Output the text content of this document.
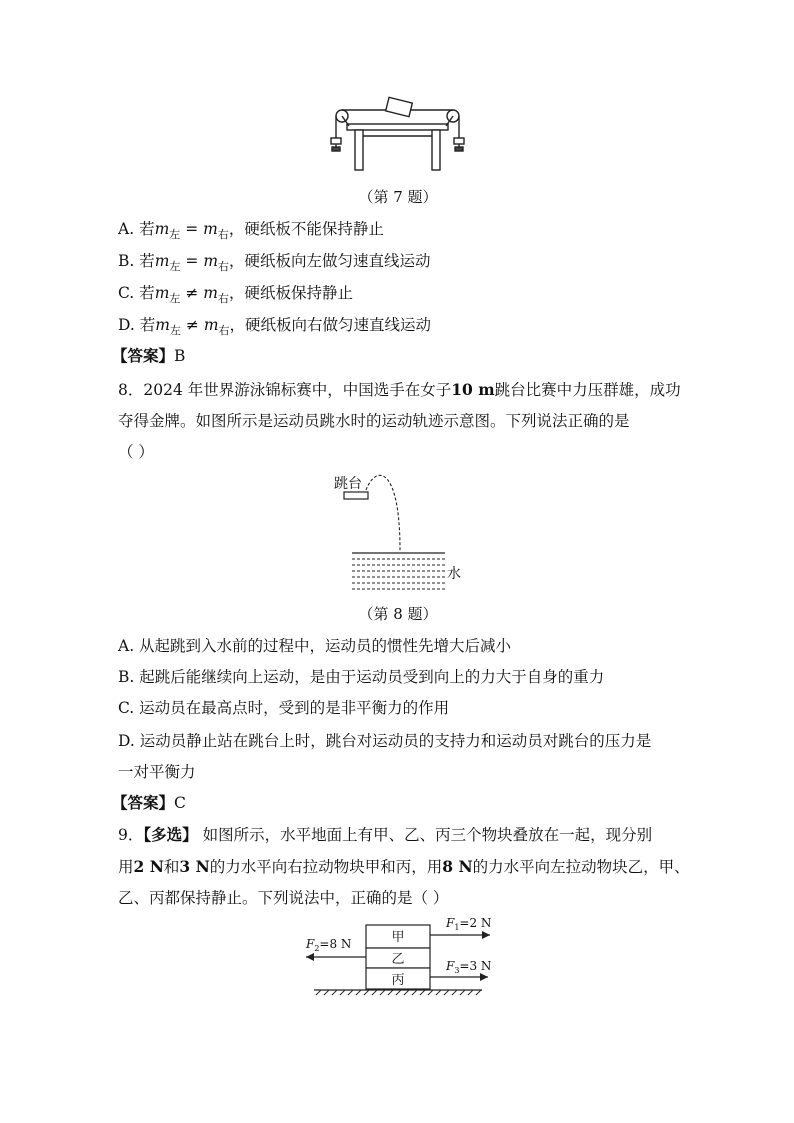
（第 7 题）
A. 若$m_左 = m_右$，硬纸板不能保持静止
B. 若$m_左 = m_右$，硬纸板向左做匀速直线运动
C. 若$m_左 \ne m_右$，硬纸板保持静止
D. 若$m_左 \ne m_右$，硬纸板向右做匀速直线运动
【答案】B
8．2024 年世界游泳锦标赛中，中国选手在女子10 m跳台比赛中力压群雄，成功
夺得金牌。如图所示是运动员跳水时的运动轨迹示意图。下列说法正确的是
（ ）
跳台
水
（第 8 题）
A. 从起跳到入水前的过程中，运动员的惯性先增大后减小
B. 起跳后能继续向上运动，是由于运动员受到向上的力大于自身的重力
C. 运动员在最高点时，受到的是非平衡力的作用
D. 运动员静止站在跳台上时，跳台对运动员的支持力和运动员对跳台的压力是
一对平衡力
【答案】C
9．【多选】 如图所示，水平地面上有甲、乙、丙三个物块叠放在一起，现分别
用2 N和3 N的力水平向右拉动物块甲和丙，用8 N的力水平向左拉动物块乙，甲、
乙、丙都保持静止。下列说法中，正确的是（ ）
甲
乙
丙
$F_1=2$ N
$F_2=8$ N
$F_3=3$ N
